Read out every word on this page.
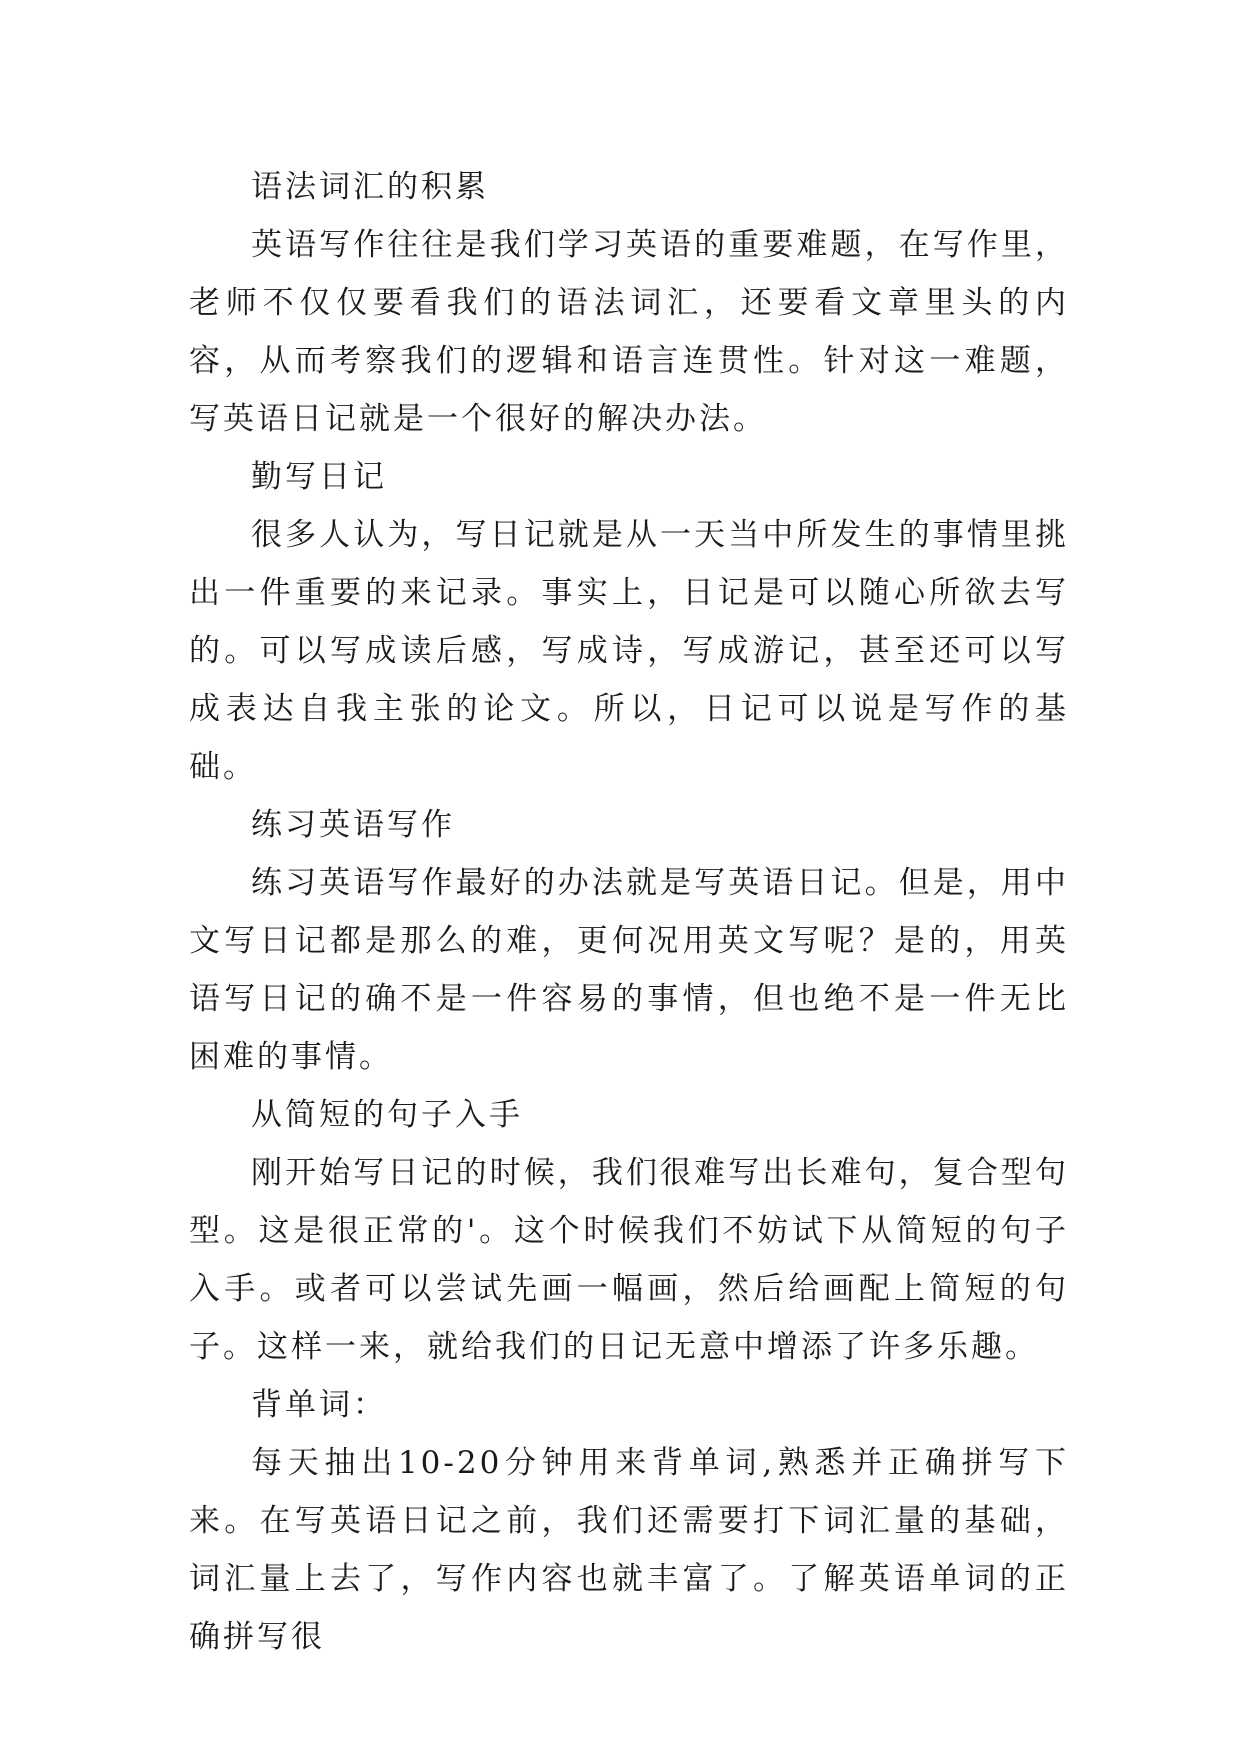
语法词汇的积累

英语写作往往是我们学习英语的重要难题，在写作里，老师不仅仅要看我们的语法词汇，还要看文章里头的内容，从而考察我们的逻辑和语言连贯性。针对这一难题，写英语日记就是一个很好的解决办法。

勤写日记

很多人认为，写日记就是从一天当中所发生的事情里挑出一件重要的来记录。事实上，日记是可以随心所欲去写的。可以写成读后感，写成诗，写成游记，甚至还可以写成表达自我主张的论文。所以，日记可以说是写作的基础。

练习英语写作

练习英语写作最好的办法就是写英语日记。但是，用中文写日记都是那么的难，更何况用英文写呢？是的，用英语写日记的确不是一件容易的事情，但也绝不是一件无比困难的事情。

从简短的句子入手

刚开始写日记的时候，我们很难写出长难句，复合型句型。这是很正常的'。这个时候我们不妨试下从简短的句子入手。或者可以尝试先画一幅画，然后给画配上简短的句子。这样一来，就给我们的日记无意中增添了许多乐趣。

背单词：

每天抽出10-20分钟用来背单词,熟悉并正确拼写下来。在写英语日记之前，我们还需要打下词汇量的基础，词汇量上去了，写作内容也就丰富了。了解英语单词的正确拼写很
